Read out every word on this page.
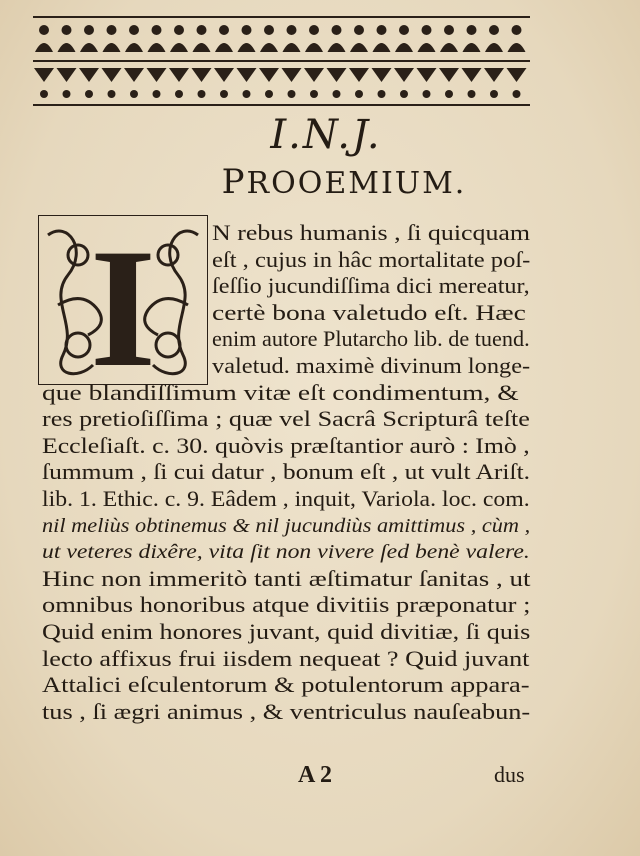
I.N.J.
PROOEMIUM.
I	N rebus humanis , ſi quicquam
eſt , cujus in hâc mortalitate poſ-
ſeſſio jucundiſſima dici mereatur,
certè bona valetudo eſt. Hæc
enim autore Plutarcho lib. de tuend.
valetud. maximè divinum longe-
que blandiſſimum vitæ eſt condimentum, &
res pretioſiſſima ; quæ vel Sacrâ Scripturâ teſte
Eccleſiaſt. c. 30. quòvis præſtantior aurò : Imò ,
ſummum , ſi cui datur , bonum eſt , ut vult Ariſt.
lib. 1. Ethic. c. 9. Eâdem , inquit, Variola. loc. com.
nil meliùs obtinemus & nil jucundiùs amittimus , cùm ,
ut veteres dixêre, vita ſit non vivere ſed benè valere.
Hinc non immeritò tanti æſtimatur ſanitas , ut
omnibus honoribus atque divitiis præponatur ;
Quid enim honores juvant, quid divitiæ, ſi quis
lecto affixus frui iisdem nequeat ? Quid juvant
Attalici eſculentorum & potulentorum appara-
tus , ſi ægri animus , & ventriculus nauſeabun-
A 2	dus
